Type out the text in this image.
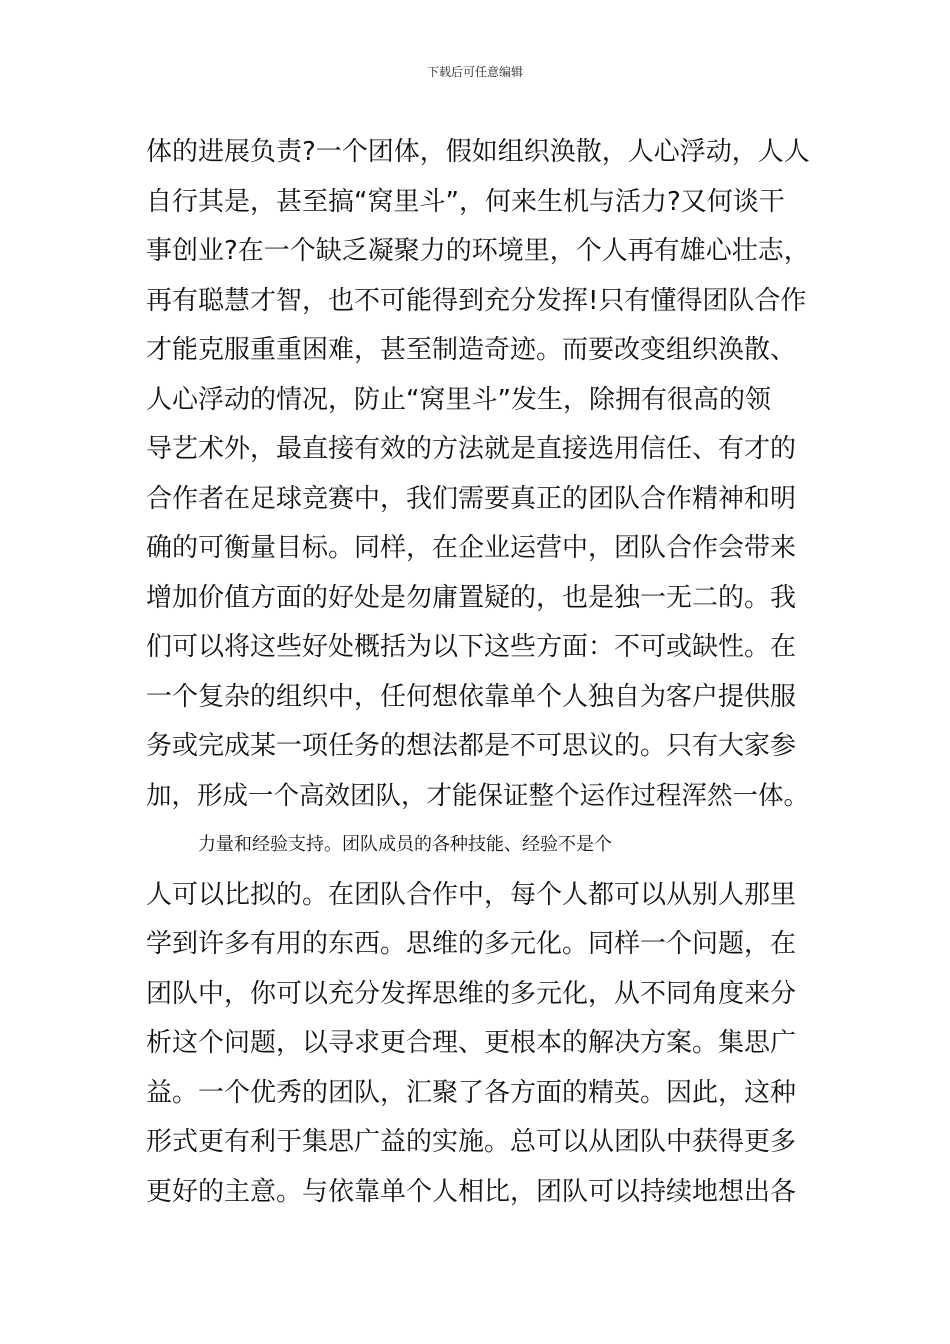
下载后可任意编辑
体的进展负责?一个团体，假如组织涣散，人心浮动，人人
自行其是，甚至搞“窝里斗”，何来生机与活力?又何谈干
事创业?在一个缺乏凝聚力的环境里，个人再有雄心壮志，
再有聪慧才智，也不可能得到充分发挥!只有懂得团队合作
才能克服重重困难，甚至制造奇迹。而要改变组织涣散、
人心浮动的情况，防止“窝里斗”发生，除拥有很高的领
导艺术外，最直接有效的方法就是直接选用信任、有才的
合作者在足球竞赛中，我们需要真正的团队合作精神和明
确的可衡量目标。同样，在企业运营中，团队合作会带来
增加价值方面的好处是勿庸置疑的，也是独一无二的。我
们可以将这些好处概括为以下这些方面：不可或缺性。在
一个复杂的组织中，任何想依靠单个人独自为客户提供服
务或完成某一项任务的想法都是不可思议的。只有大家参
加，形成一个高效团队，才能保证整个运作过程浑然一体。
力量和经验支持。团队成员的各种技能、经验不是个
人可以比拟的。在团队合作中，每个人都可以从别人那里
学到许多有用的东西。思维的多元化。同样一个问题，在
团队中，你可以充分发挥思维的多元化，从不同角度来分
析这个问题，以寻求更合理、更根本的解决方案。集思广
益。一个优秀的团队，汇聚了各方面的精英。因此，这种
形式更有利于集思广益的实施。总可以从团队中获得更多
更好的主意。与依靠单个人相比，团队可以持续地想出各
